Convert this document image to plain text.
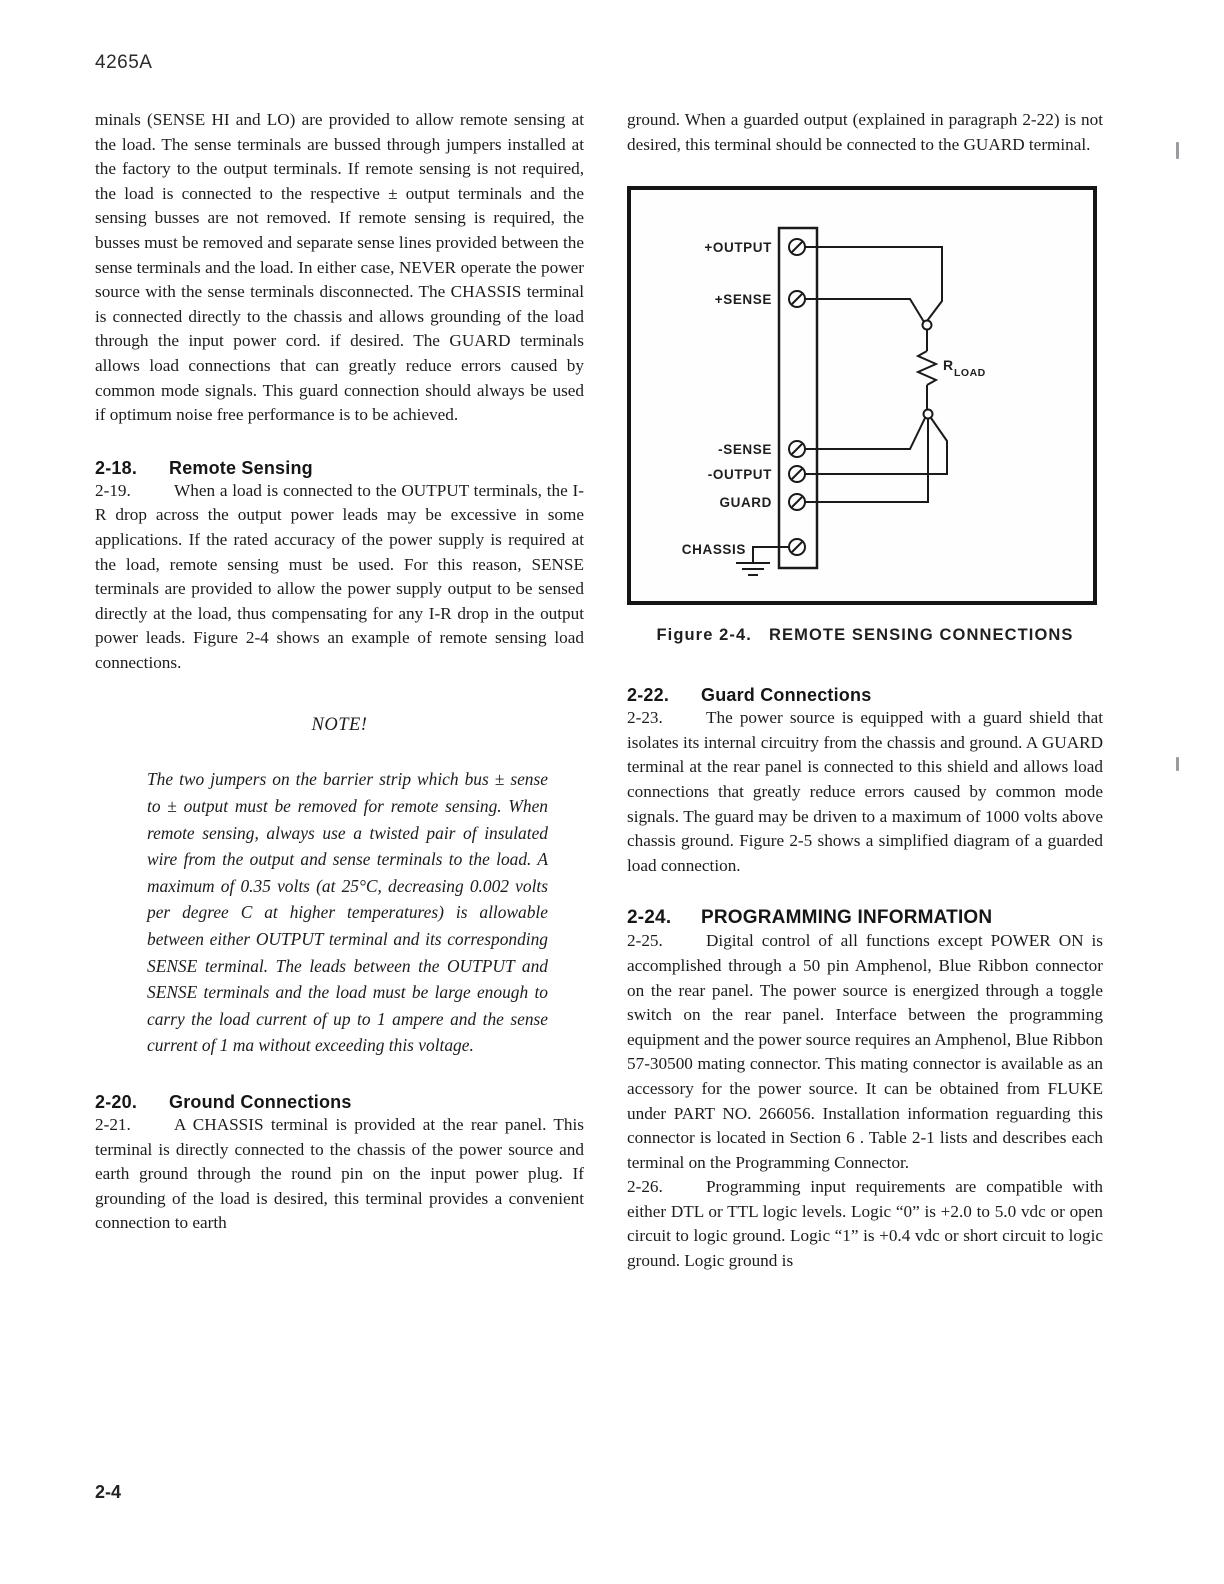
4265A

minals (SENSE HI and LO) are provided to allow remote sensing at the load. The sense terminals are bussed through jumpers installed at the factory to the output terminals. If remote sensing is not required, the load is connected to the respective ± output terminals and the sensing busses are not removed. If remote sensing is required, the busses must be removed and separate sense lines provided between the sense terminals and the load. In either case, NEVER operate the power source with the sense terminals disconnected. The CHASSIS terminal is connected directly to the chassis and allows grounding of the load through the input power cord. if desired. The GUARD terminals allows load connections that can greatly reduce errors caused by common mode signals. This guard connection should always be used if optimum noise free performance is to be achieved.

2-18. Remote Sensing

2-19.	When a load is connected to the OUTPUT terminals, the I-R drop across the output power leads may be excessive in some applications. If the rated accuracy of the power supply is required at the load, remote sensing must be used. For this reason, SENSE terminals are provided to allow the power supply output to be sensed directly at the load, thus compensating for any I-R drop in the output power leads. Figure 2-4 shows an example of remote sensing load connections.

NOTE!

The two jumpers on the barrier strip which bus ± sense to ± output must be removed for remote sensing. When remote sensing, always use a twisted pair of insulated wire from the output and sense terminals to the load. A maximum of 0.35 volts (at 25°C, decreasing 0.002 volts per degree C at higher temperatures) is allowable between either OUTPUT terminal and its corresponding SENSE terminal. The leads between the OUTPUT and SENSE terminals and the load must be large enough to carry the load current of up to 1 ampere and the sense current of 1 ma without exceeding this voltage.

2-20. Ground Connections

2-21.	A CHASSIS terminal is provided at the rear panel. This terminal is directly connected to the chassis of the power source and earth ground through the round pin on the input power plug. If grounding of the load is desired, this terminal provides a convenient connection to earth

ground. When a guarded output (explained in paragraph 2-22) is not desired, this terminal should be connected to the GUARD terminal.

+OUTPUT
+SENSE
-SENSE
-OUTPUT
GUARD
CHASSIS
R LOAD
Figure 2-4. REMOTE SENSING CONNECTIONS
2-22. Guard Connections

2-23.	The power source is equipped with a guard shield that isolates its internal circuitry from the chassis and ground. A GUARD terminal at the rear panel is connected to this shield and allows load connections that greatly reduce errors caused by common mode signals. The guard may be driven to a maximum of 1000 volts above chassis ground. Figure 2-5 shows a simplified diagram of a guarded load connection.

2-24. PROGRAMMING INFORMATION

2-25.	Digital control of all functions except POWER ON is accomplished through a 50 pin Amphenol, Blue Ribbon connector on the rear panel. The power source is energized through a toggle switch on the rear panel. Interface between the programming equipment and the power source requires an Amphenol, Blue Ribbon 57-30500 mating connector. This mating connector is available as an accessory for the power source. It can be obtained from FLUKE under PART NO. 266056. Installation information reguarding this connector is located in Section 6 . Table 2-1 lists and describes each terminal on the Programming Connector.

2-26.	Programming input requirements are compatible with either DTL or TTL logic levels. Logic “0” is +2.0 to 5.0 vdc or open circuit to logic ground. Logic “1” is +0.4 vdc or short circuit to logic ground. Logic ground is

2-4
